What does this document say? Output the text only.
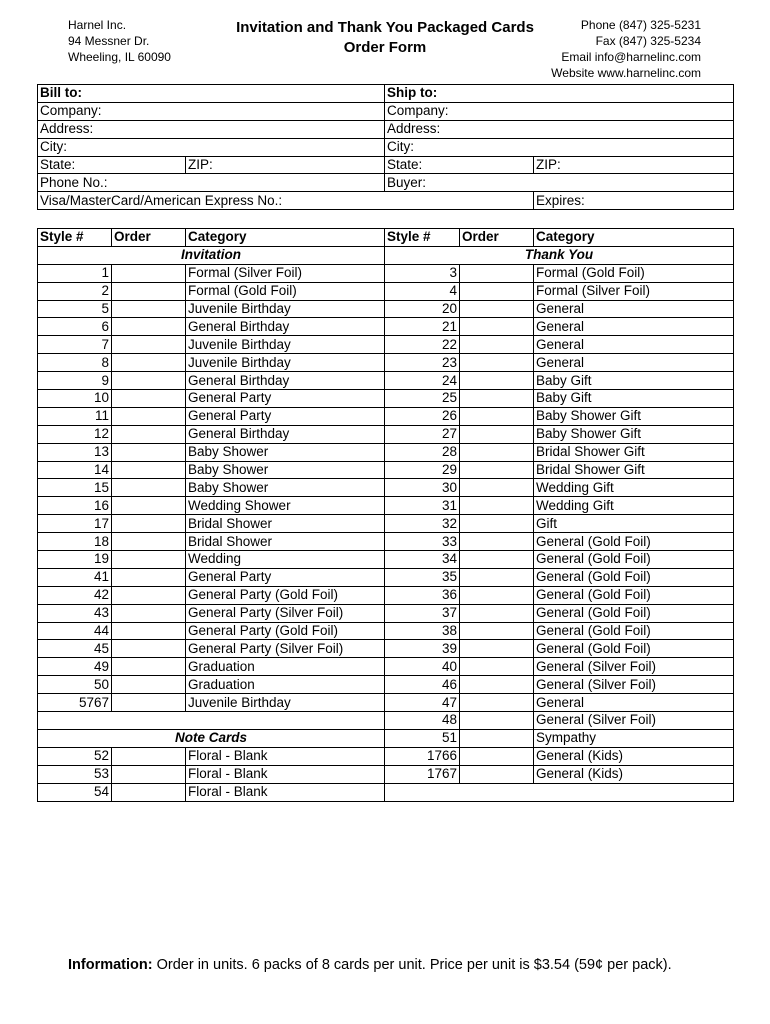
Harnel Inc.
94 Messner Dr.
Wheeling, IL 60090
Invitation and Thank You Packaged Cards
Order Form
Phone (847) 325-5231
Fax (847) 325-5234
Email info@harnelinc.com
Website www.harnelinc.com
Bill to:		Ship to:	
Company:		Company:	
Address:		Address:	
City:		City:	
State:	ZIP:	State:	ZIP:
Phone No.:		Buyer:	
Visa/MasterCard/American Express No.:			Expires:
Style #	Order	Category	Style #	Order	Category
Invitation			Thank You		
1		Formal (Silver Foil)	3		Formal (Gold Foil)
2		Formal (Gold Foil)	4		Formal (Silver Foil)
5		Juvenile Birthday	20		General
6		General Birthday	21		General
7		Juvenile Birthday	22		General
8		Juvenile Birthday	23		General
9		General Birthday	24		Baby Gift
10		General Party	25		Baby Gift
11		General Party	26		Baby Shower Gift
12		General Birthday	27		Baby Shower Gift
13		Baby Shower	28		Bridal Shower Gift
14		Baby Shower	29		Bridal Shower Gift
15		Baby Shower	30		Wedding Gift
16		Wedding Shower	31		Wedding Gift
17		Bridal Shower	32		Gift
18		Bridal Shower	33		General (Gold Foil)
19		Wedding	34		General (Gold Foil)
41		General Party	35		General (Gold Foil)
42		General Party (Gold Foil)	36		General (Gold Foil)
43		General Party (Silver Foil)	37		General (Gold Foil)
44		General Party (Gold Foil)	38		General (Gold Foil)
45		General Party (Silver Foil)	39		General (Gold Foil)
49		Graduation	40		General (Silver Foil)
50		Graduation	46		General (Silver Foil)
5767		Juvenile Birthday	47		General
			48		General (Silver Foil)
Note Cards			51		Sympathy
52		Floral - Blank	1766		General (Kids)
53		Floral - Blank	1767		General (Kids)
54		Floral - Blank			
Information: Order in units. 6 packs of 8 cards per unit. Price per unit is $3.54 (59¢ per pack).
